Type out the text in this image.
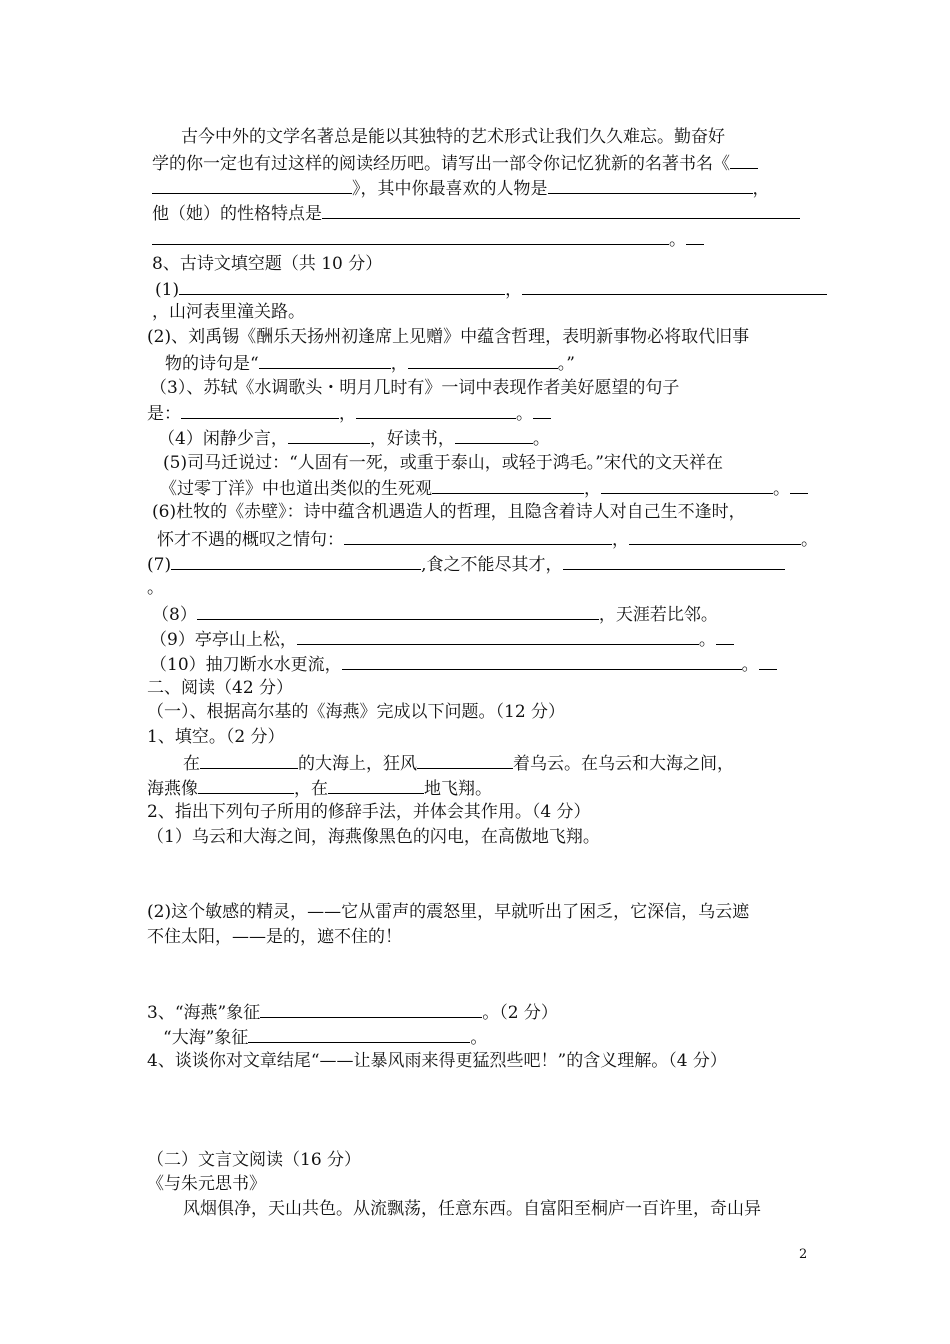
古今中外的文学名著总是能以其独特的艺术形式让我们久久难忘。勤奋好
学的你一定也有过这样的阅读经历吧。请写出一部令你记忆犹新的名著书名《
》，其中你最喜欢的人物是	，
他（她）的性格特点是
。
8、古诗文填空题（共 10 分）
(1)	，
，山河表里潼关路。
(2)、刘禹锡《酬乐天扬州初逢席上见赠》中蕴含哲理，表明新事物必将取代旧事
物的诗句是“	，	。”
（3）、苏轼《水调歌头・明月几时有》一词中表现作者美好愿望的句子
是：	，	。
（4）闲静少言，	，好读书，	。
(5)司马迁说过：“人固有一死，或重于泰山，或轻于鸿毛。”宋代的文天祥在
《过零丁洋》中也道出类似的生死观	，	。
(6)杜牧的《赤壁》：诗中蕴含机遇造人的哲理，且隐含着诗人对自己生不逢时，
怀才不遇的概叹之情句：	，	。
(7)	,食之不能尽其才，
。
（8）	，天涯若比邻。
（9）亭亭山上松，	。
（10）抽刀断水水更流，	。
二、阅读（42 分）
（一）、根据高尔基的《海燕》完成以下问题。（12 分）
1、填空。（2 分）
在	的大海上，狂风	着乌云。在乌云和大海之间，
海燕像	，在	地飞翔。
2、指出下列句子所用的修辞手法，并体会其作用。（4 分）
（1）乌云和大海之间，海燕像黑色的闪电，在高傲地飞翔。
(2)这个敏感的精灵，——它从雷声的震怒里，早就听出了困乏，它深信，乌云遮
不住太阳，——是的，遮不住的！
3、“海燕”象征	。（2 分）
“大海”象征	。
4、谈谈你对文章结尾“——让暴风雨来得更猛烈些吧！”的含义理解。（4 分）
（二）文言文阅读（16 分）
《与朱元思书》
风烟俱净，天山共色。从流飘荡，任意东西。自富阳至桐庐一百许里，奇山异
2
